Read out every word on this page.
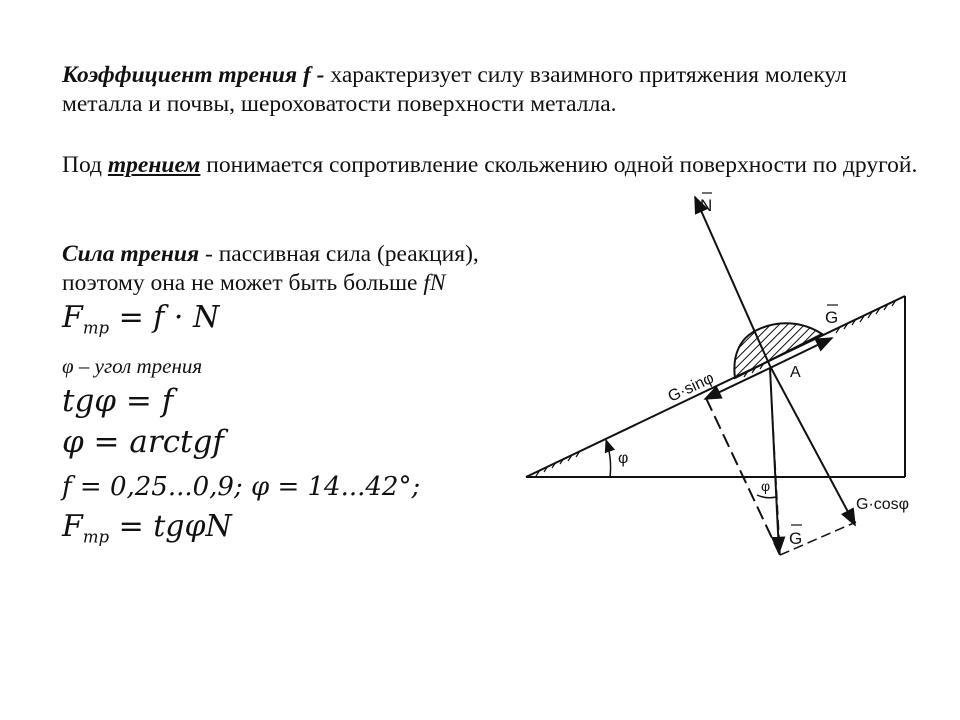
Коэффициент трения f - характеризует силу взаимного притяжения молекул металла и почвы, шероховатости поверхности металла.

Под трением понимается сопротивление скольжению одной поверхности по другой.

Сила трения - пассивная сила (реакция), поэтому она не может быть больше fN

$F_{тр} = f \cdot N$
φ – угол трения
tgφ = f
φ = arctgf
f = 0,25...0,9; φ = 14...42°;
$F_{тр} = tg\varphi N$
N
G
G·sinφ	A
φ
φ
G·cosφ
G
